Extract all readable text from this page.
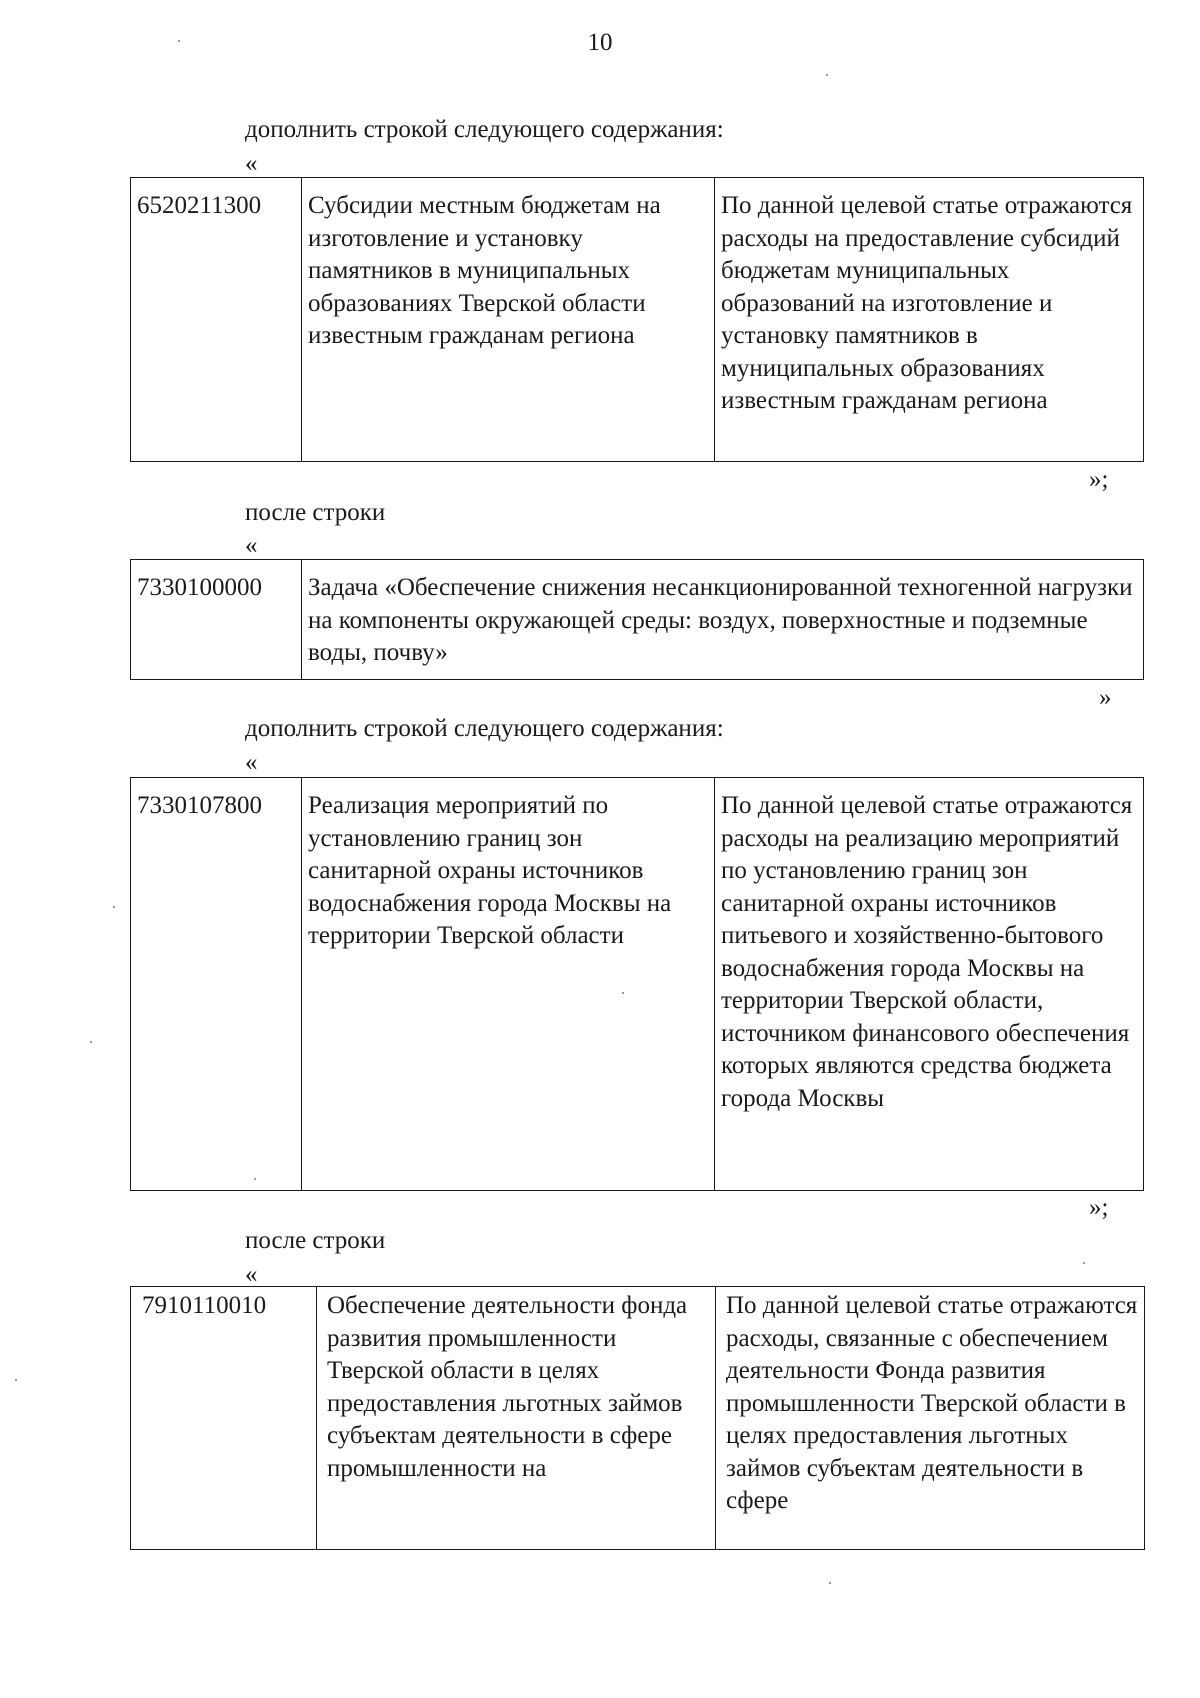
10
дополнить строкой следующего содержания:
«
6520211300	Субсидии местным бюджетам на изготовление и установку памятников в муниципальных образованиях Тверской области известным гражданам региона	По данной целевой статье отражаются расходы на предоставление субсидий бюджетам муниципальных образований на изготовление и установку памятников в муниципальных образованиях известным гражданам региона
»;
после строки
«
7330100000	Задача «Обеспечение снижения несанкционированной техногенной нагрузки на компоненты окружающей среды: воздух, поверхностные и подземные воды, почву»
»
дополнить строкой следующего содержания:
«
7330107800	Реализация мероприятий по установлению границ зон санитарной охраны источников водоснабжения города Москвы на территории Тверской области	По данной целевой статье отражаются расходы на реализацию мероприятий по установлению границ зон санитарной охраны источников питьевого и хозяйственно-бытового водоснабжения города Москвы на территории Тверской области, источником финансового обеспечения которых являются средства бюджета города Москвы
»;
после строки
«
7910110010	Обеспечение деятельности фонда развития промышленности Тверской области в целях предоставления льготных займов субъектам деятельности в сфере промышленности на	По данной целевой статье отражаются расходы, связанные с обеспечением деятельности Фонда развития промышленности Тверской области в целях предоставления льготных займов субъектам деятельности в сфере
